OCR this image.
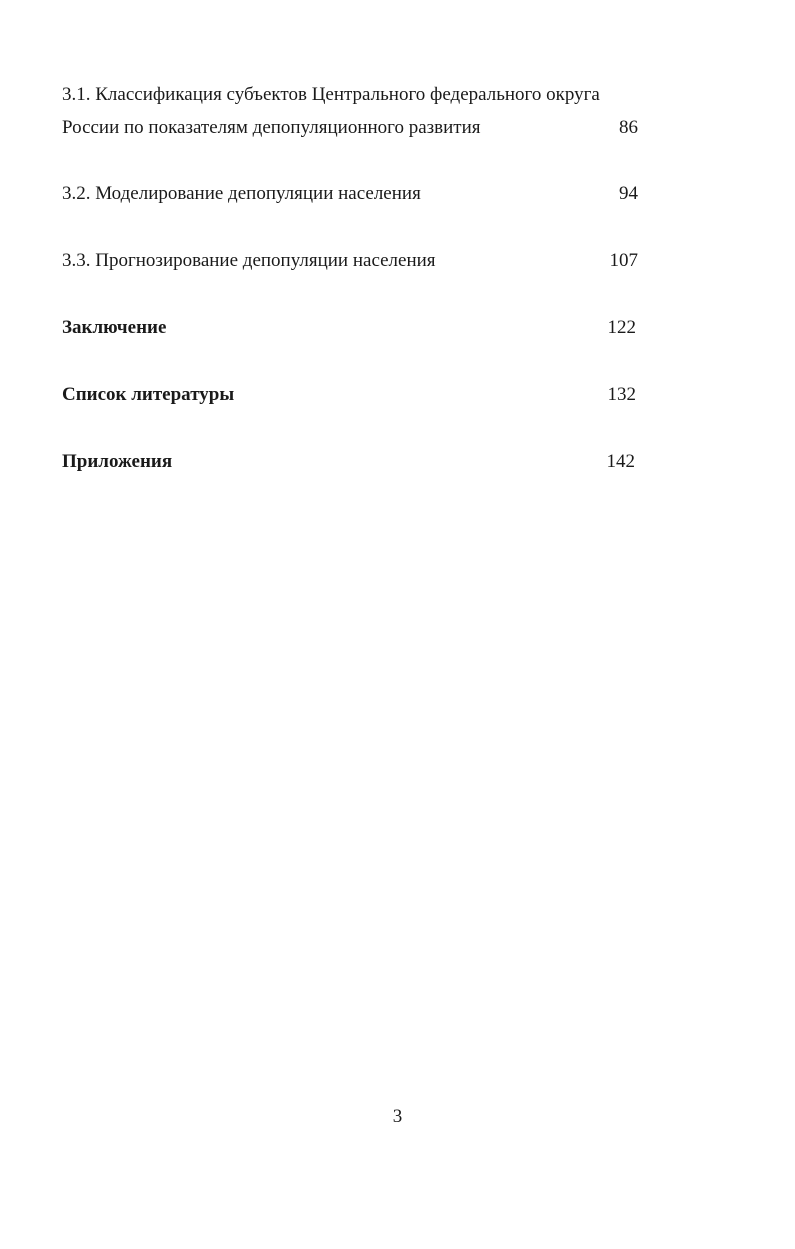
3.1. Классификация субъектов Центрального федерального округа
России по показателям депопуляционного развития	86
3.2. Моделирование депопуляции населения	94
3.3. Прогнозирование депопуляции населения	107
Заключение	122
Список литературы	132
Приложения	142
3
